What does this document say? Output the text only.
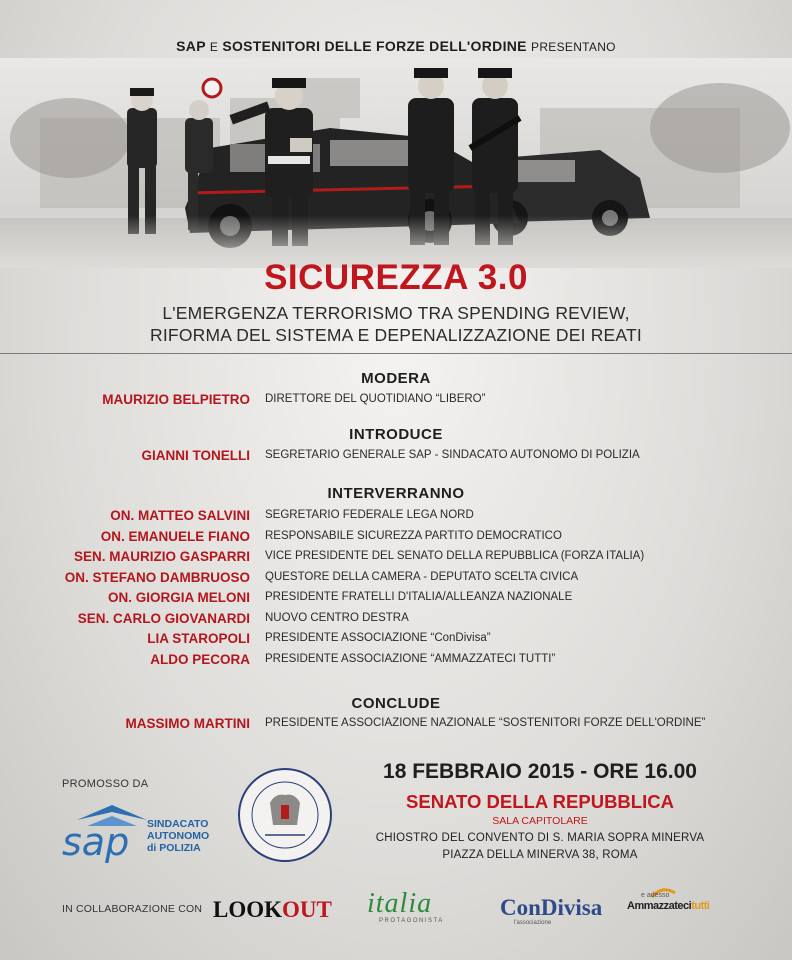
SAP E SOSTENITORI DELLE FORZE DELL'ORDINE PRESENTANO
SICUREZZA 3.0
L'EMERGENZA TERRORISMO TRA SPENDING REVIEW,
RIFORMA DEL SISTEMA E DEPENALIZZAZIONE DEI REATI
MODERA
MAURIZIO BELPIETRO DIRETTORE DEL QUOTIDIANO “LIBERO”
INTRODUCE
GIANNI TONELLI SEGRETARIO GENERALE SAP - SINDACATO AUTONOMO DI POLIZIA
INTERVERRANNO
ON. MATTEO SALVINI SEGRETARIO FEDERALE LEGA NORD
ON. EMANUELE FIANO RESPONSABILE SICUREZZA PARTITO DEMOCRATICO
SEN. MAURIZIO GASPARRI VICE PRESIDENTE DEL SENATO DELLA REPUBBLICA (FORZA ITALIA)
ON. STEFANO DAMBRUOSO QUESTORE DELLA CAMERA - DEPUTATO SCELTA CIVICA
ON. GIORGIA MELONI PRESIDENTE FRATELLI D'ITALIA/ALLEANZA NAZIONALE
SEN. CARLO GIOVANARDI NUOVO CENTRO DESTRA
LIA STAROPOLI PRESIDENTE ASSOCIAZIONE “ConDivisa”
ALDO PECORA PRESIDENTE ASSOCIAZIONE “AMMAZZATECI TUTTI”
CONCLUDE
MASSIMO MARTINI PRESIDENTE ASSOCIAZIONE NAZIONALE “SOSTENITORI FORZE DELL'ORDINE”
PROMOSSO DA
sap SINDACATO
AUTONOMO
di POLIZIA
18 FEBBRAIO 2015 - ORE 16.00
SENATO DELLA REPUBBLICA
SALA CAPITOLARE
CHIOSTRO DEL CONVENTO DI S. MARIA SOPRA MINERVA
PIAZZA DELLA MINERVA 38, ROMA
IN COLLABORAZIONE CON LOOKOUT italia
PROTAGONISTA
ConDivisa
l'associazione
e adesso
Ammazzatecitutti
